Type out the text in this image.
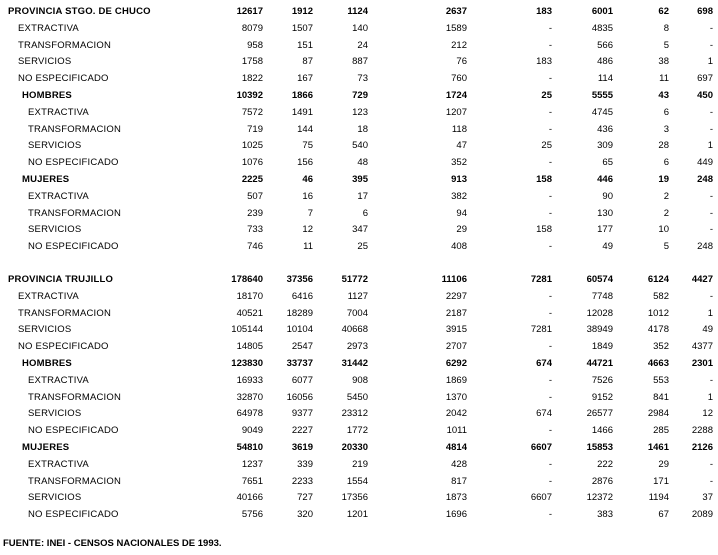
PROVINCIA STGO. DE CHUCO	12617	1912	1124	2637	183	6001	62	698
EXTRACTIVA	8079	1507	140	1589	-	4835	8	-
TRANSFORMACION	958	151	24	212	-	566	5	-
SERVICIOS	1758	87	887	76	183	486	38	1
NO ESPECIFICADO	1822	167	73	760	-	114	11	697
HOMBRES	10392	1866	729	1724	25	5555	43	450
EXTRACTIVA	7572	1491	123	1207	-	4745	6	-
TRANSFORMACION	719	144	18	118	-	436	3	-
SERVICIOS	1025	75	540	47	25	309	28	1
NO ESPECIFICADO	1076	156	48	352	-	65	6	449
MUJERES	2225	46	395	913	158	446	19	248
EXTRACTIVA	507	16	17	382	-	90	2	-
TRANSFORMACION	239	7	6	94	-	130	2	-
SERVICIOS	733	12	347	29	158	177	10	-
NO ESPECIFICADO	746	11	25	408	-	49	5	248
PROVINCIA TRUJILLO	178640	37356	51772	11106	7281	60574	6124	4427
EXTRACTIVA	18170	6416	1127	2297	-	7748	582	-
TRANSFORMACION	40521	18289	7004	2187	-	12028	1012	1
SERVICIOS	105144	10104	40668	3915	7281	38949	4178	49
NO ESPECIFICADO	14805	2547	2973	2707	-	1849	352	4377
HOMBRES	123830	33737	31442	6292	674	44721	4663	2301
EXTRACTIVA	16933	6077	908	1869	-	7526	553	-
TRANSFORMACION	32870	16056	5450	1370	-	9152	841	1
SERVICIOS	64978	9377	23312	2042	674	26577	2984	12
NO ESPECIFICADO	9049	2227	1772	1011	-	1466	285	2288
MUJERES	54810	3619	20330	4814	6607	15853	1461	2126
EXTRACTIVA	1237	339	219	428	-	222	29	-
TRANSFORMACION	7651	2233	1554	817	-	2876	171	-
SERVICIOS	40166	727	17356	1873	6607	12372	1194	37
NO ESPECIFICADO	5756	320	1201	1696	-	383	67	2089
FUENTE: INEI - CENSOS NACIONALES DE 1993.
